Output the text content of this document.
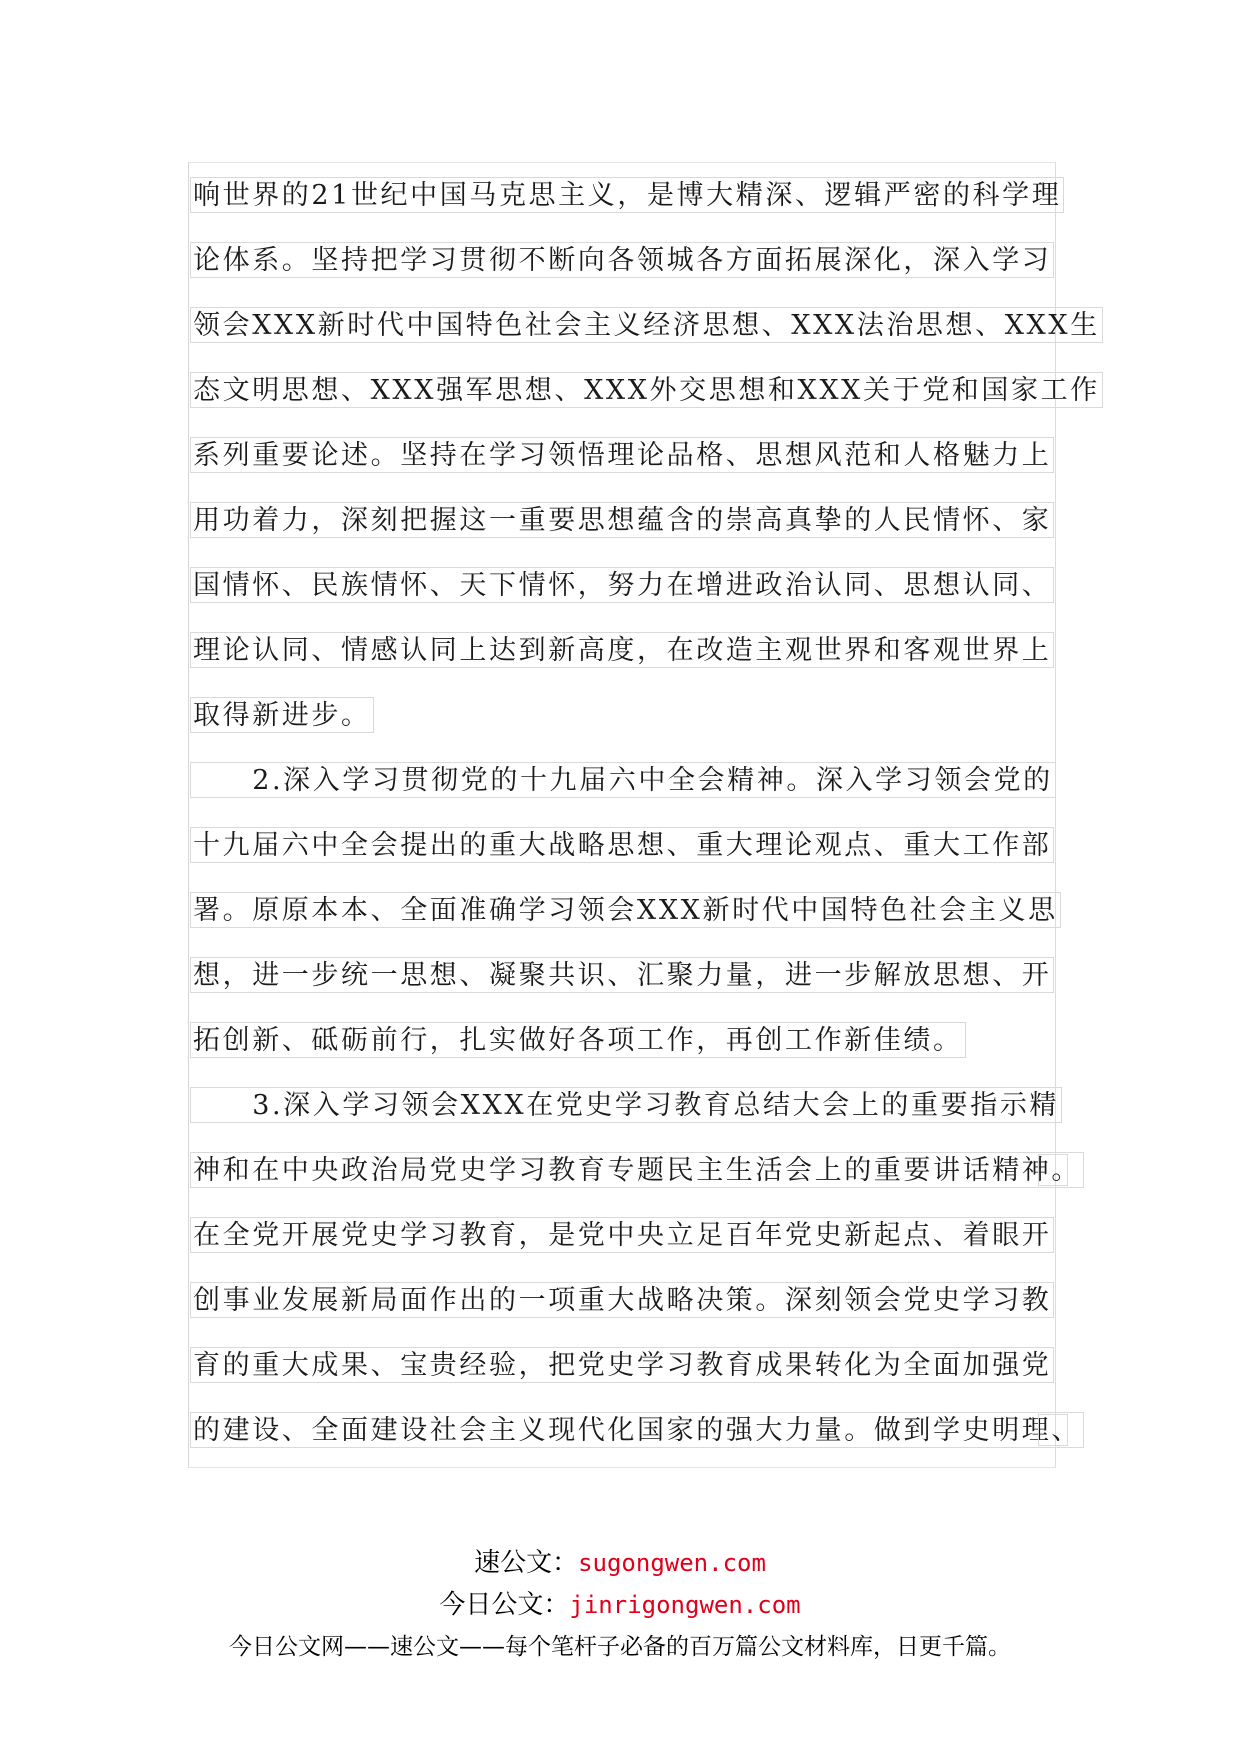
响世界的21世纪中国马克思主义，是博大精深、逻辑严密的科学理
论体系。坚持把学习贯彻不断向各领城各方面拓展深化，深入学习
领会XXX新时代中国特色社会主义经济思想、XXX法治思想、XXX生
态文明思想、XXX强军思想、XXX外交思想和XXX关于党和国家工作
系列重要论述。坚持在学习领悟理论品格、思想风范和人格魅力上
用功着力，深刻把握这一重要思想蕴含的崇高真挚的人民情怀、家
国情怀、民族情怀、天下情怀，努力在增进政治认同、思想认同、
理论认同、情感认同上达到新高度，在改造主观世界和客观世界上
取得新进步。
　　2.深入学习贯彻党的十九届六中全会精神。深入学习领会党的
十九届六中全会提出的重大战略思想、重大理论观点、重大工作部
署。原原本本、全面准确学习领会XXX新时代中国特色社会主义思
想，进一步统一思想、凝聚共识、汇聚力量，进一步解放思想、开
拓创新、砥砺前行，扎实做好各项工作，再创工作新佳绩。
　　3.深入学习领会XXX在党史学习教育总结大会上的重要指示精
神和在中央政治局党史学习教育专题民主生活会上的重要讲话精神。
在全党开展党史学习教育，是党中央立足百年党史新起点、着眼开
创事业发展新局面作出的一项重大战略决策。深刻领会党史学习教
育的重大成果、宝贵经验，把党史学习教育成果转化为全面加强党
的建设、全面建设社会主义现代化国家的强大力量。做到学史明理、
速公文：sugongwen.com
今日公文：jinrigongwen.com
今日公文网——速公文——每个笔杆子必备的百万篇公文材料库，日更千篇。
